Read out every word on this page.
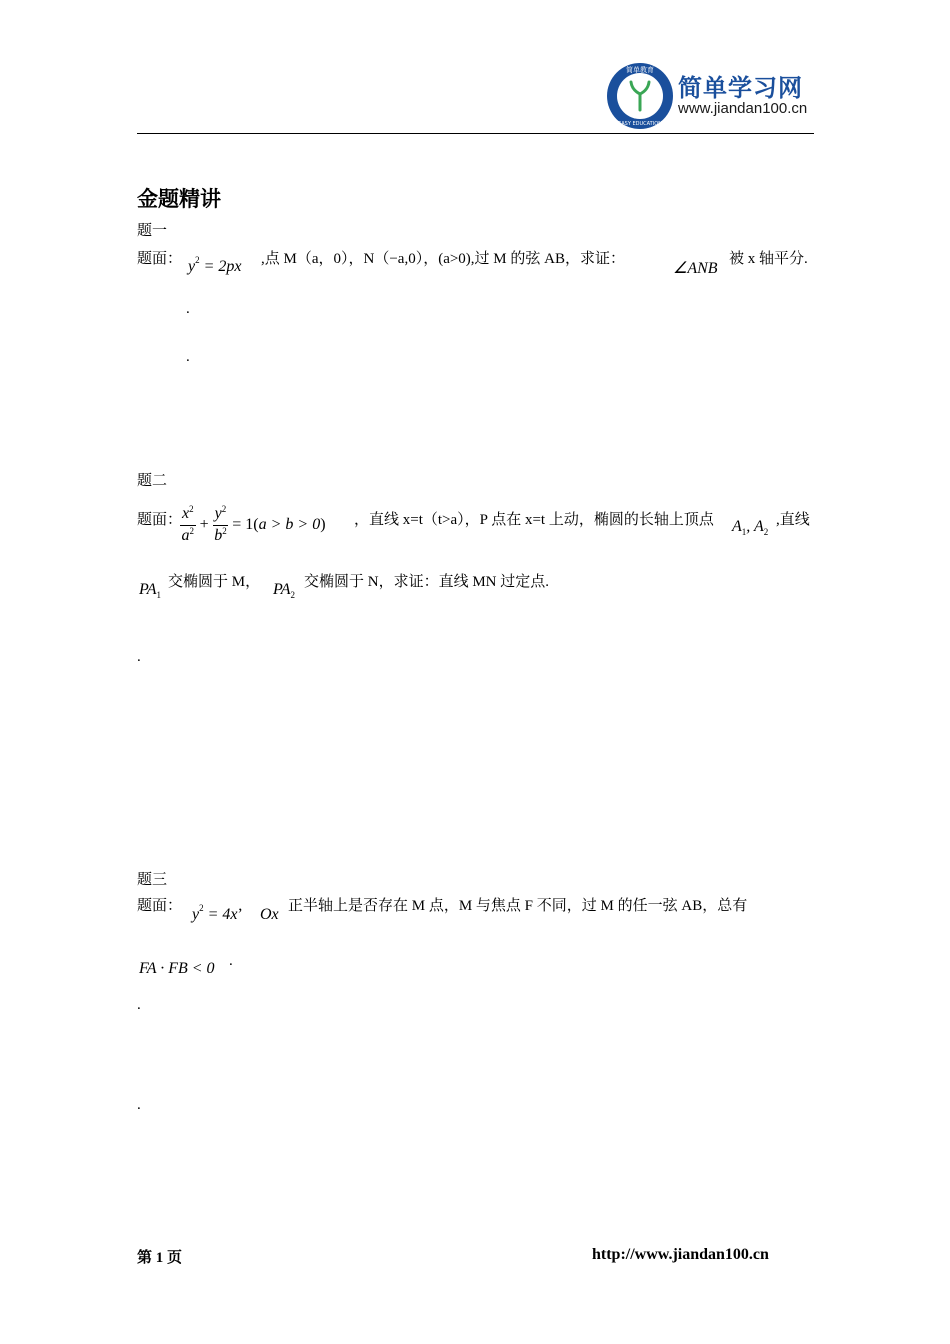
简单教育
EASY EDUCATION
简单学习网
www.jiandan100.cn
金题精讲
题一
题面： $y^2 = 2px$ ,点 M（a，0），N（−a,0），(a>0),过 M 的弦 AB，求证：
∠ANB
被 x 轴平分.
.
.
题二
题面：
$\frac{x^2}{a^2} + \frac{y^2}{b^2} = 1(a > b > 0)$ ，直线 x=t（t>a），P 点在 x=t 上动，椭圆的长轴上顶点 $A_1$, $A_2$
,直线
$PA_1$
交椭圆于 M， $PA_2$
交椭圆于 N，求证：直线 MN 过定点.
.
题三
题面： $y^2 = 4x$’ Ox 正半轴上是否存在 M 点，M 与焦点 F 不同，过 M 的任一弦 AB，总有
FA · FB < 0 .
.
.
第 1 页	http://www.jiandan100.cn
